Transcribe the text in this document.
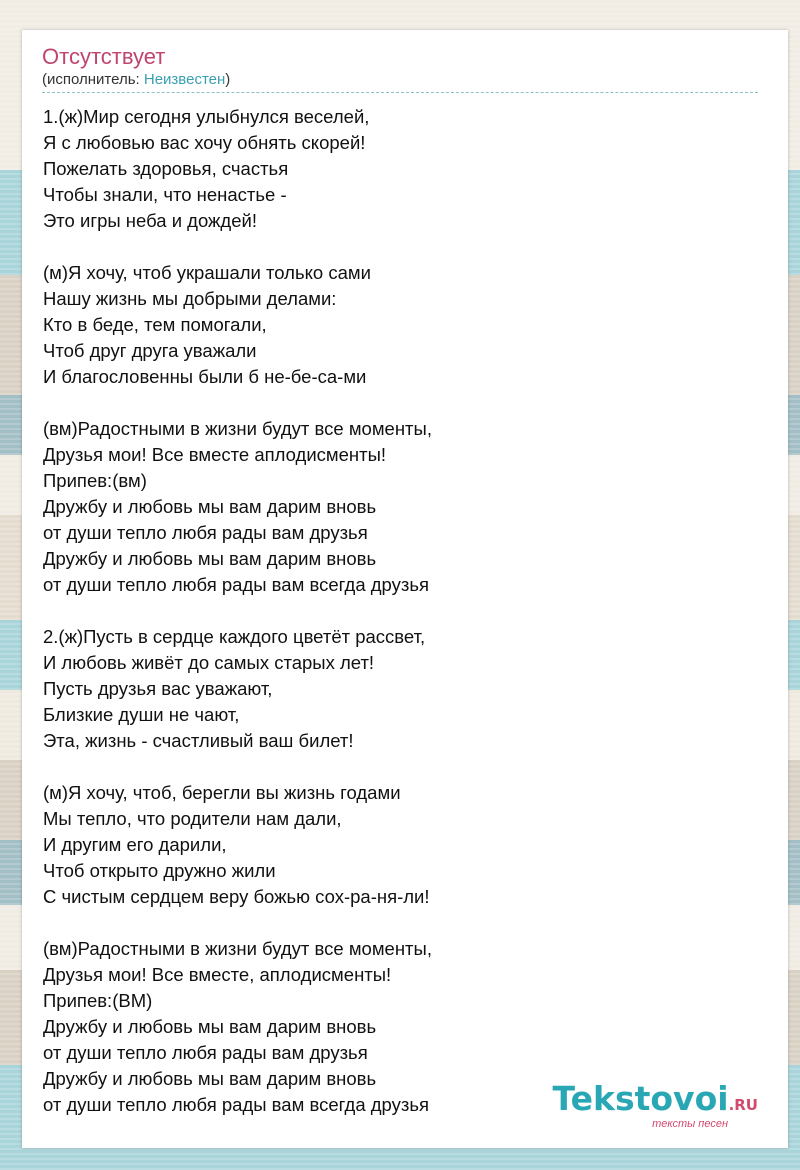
Отсутствует
(исполнитель: Неизвестен)
1.(ж)Мир сегодня улыбнулся веселей,
Я с любовью вас хочу обнять скорей!
Пожелать здоровья, счастья
Чтобы знали, что ненастье -
Это игры неба и дождей!
(м)Я хочу, чтоб украшали только сами
Нашу жизнь мы добрыми делами:
Кто в беде, тем помогали,
Чтоб друг друга уважали
И благословенны были б не-бе-са-ми
(вм)Радостными в жизни будут все моменты,
Друзья мои! Все вместе аплодисменты!
Припев:(вм)
Дружбу и любовь мы вам дарим вновь
от души тепло любя рады вам друзья
Дружбу и любовь мы вам дарим вновь
от души тепло любя рады вам всегда друзья
2.(ж)Пусть в сердце каждого цветёт рассвет,
И любовь живёт до самых старых лет!
Пусть друзья вас уважают,
Близкие души не чают,
Эта, жизнь - счастливый ваш билет!
(м)Я хочу, чтоб, берегли вы жизнь годами
Мы тепло, что родители нам дали,
И другим его дарили,
Чтоб открыто дружно жили
С чистым сердцем веру божью сох-ра-ня-ли!
(вм)Радостными в жизни будут все моменты,
Друзья мои! Все вместе, аплодисменты!
Припев:(ВМ)
Дружбу и любовь мы вам дарим вновь
от души тепло любя рады вам друзья
Дружбу и любовь мы вам дарим вновь
от души тепло любя рады вам всегда друзья	Tekstovoi.RU
тексты песен
